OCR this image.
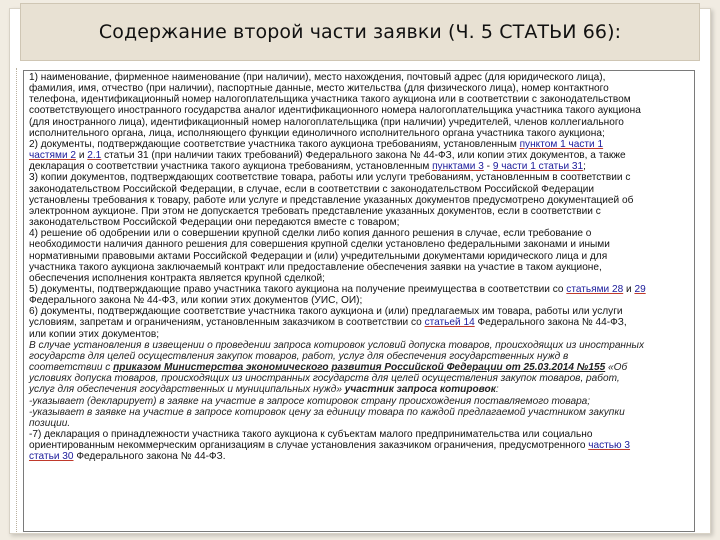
Содержание второй части заявки (Ч. 5 СТАТЬИ 66):
1) наименование, фирменное наименование (при наличии), место нахождения, почтовый адрес (для юридического лица),
фамилия, имя, отчество (при наличии), паспортные данные, место жительства (для физического лица), номер контактного
телефона, идентификационный номер налогоплательщика участника такого аукциона или в соответствии с законодательством
соответствующего иностранного государства аналог идентификационного номера налогоплательщика участника такого аукциона
(для иностранного лица), идентификационный номер налогоплательщика (при наличии) учредителей, членов коллегиального
исполнительного органа, лица, исполняющего функции единоличного исполнительного органа участника такого аукциона;
2) документы, подтверждающие соответствие участника такого аукциона требованиям, установленным пунктом 1 части 1
частями 2 и 2.1 статьи 31 (при наличии таких требований) Федерального закона № 44-ФЗ, или копии этих документов, а также
декларация о соответствии участника такого аукциона требованиям, установленным пунктами 3 - 9 части 1 статьи 31;
3) копии документов, подтверждающих соответствие товара, работы или услуги требованиям, установленным в соответствии с
законодательством Российской Федерации, в случае, если в соответствии с законодательством Российской Федерации
установлены требования к товару, работе или услуге и представление указанных документов предусмотрено документацией об
электронном аукционе. При этом не допускается требовать представление указанных документов, если в соответствии с
законодательством Российской Федерации они передаются вместе с товаром;
4) решение об одобрении или о совершении крупной сделки либо копия данного решения в случае, если требование о
необходимости наличия данного решения для совершения крупной сделки установлено федеральными законами и иными
нормативными правовыми актами Российской Федерации и (или) учредительными документами юридического лица и для
участника такого аукциона заключаемый контракт или предоставление обеспечения заявки на участие в таком аукционе,
обеспечения исполнения контракта является крупной сделкой;
5) документы, подтверждающие право участника такого аукциона на получение преимущества в соответствии со статьями 28 и 29
Федерального закона № 44-ФЗ, или копии этих документов (УИС, ОИ);
6) документы, подтверждающие соответствие участника такого аукциона и (или) предлагаемых им товара, работы или услуги
условиям, запретам и ограничениям, установленным заказчиком в соответствии со статьей 14 Федерального закона № 44-ФЗ,
или копии этих документов;
В случае установления в извещении о проведении запроса котировок условий допуска товаров, происходящих из иностранных
государств для целей осуществления закупок товаров, работ, услуг для обеспечения государственных нужд в
соответствии с приказом Министерства экономического развития Российской Федерации от 25.03.2014 №155 «Об
условиях допуска товаров, происходящих из иностранных государств для целей осуществления закупок товаров, работ,
услуг для обеспечения государственных и муниципальных нужд» участник запроса котировок:
-указывает (декларирует) в заявке на участие в запросе котировок страну происхождения поставляемого товара;
-указывает в заявке на участие в запросе котировок цену за единицу товара по каждой предлагаемой участником закупки
позиции.
-7) декларация о принадлежности участника такого аукциона к субъектам малого предпринимательства или социально
ориентированным некоммерческим организациям в случае установления заказчиком ограничения, предусмотренного частью 3
статьи 30 Федерального закона № 44-ФЗ.
